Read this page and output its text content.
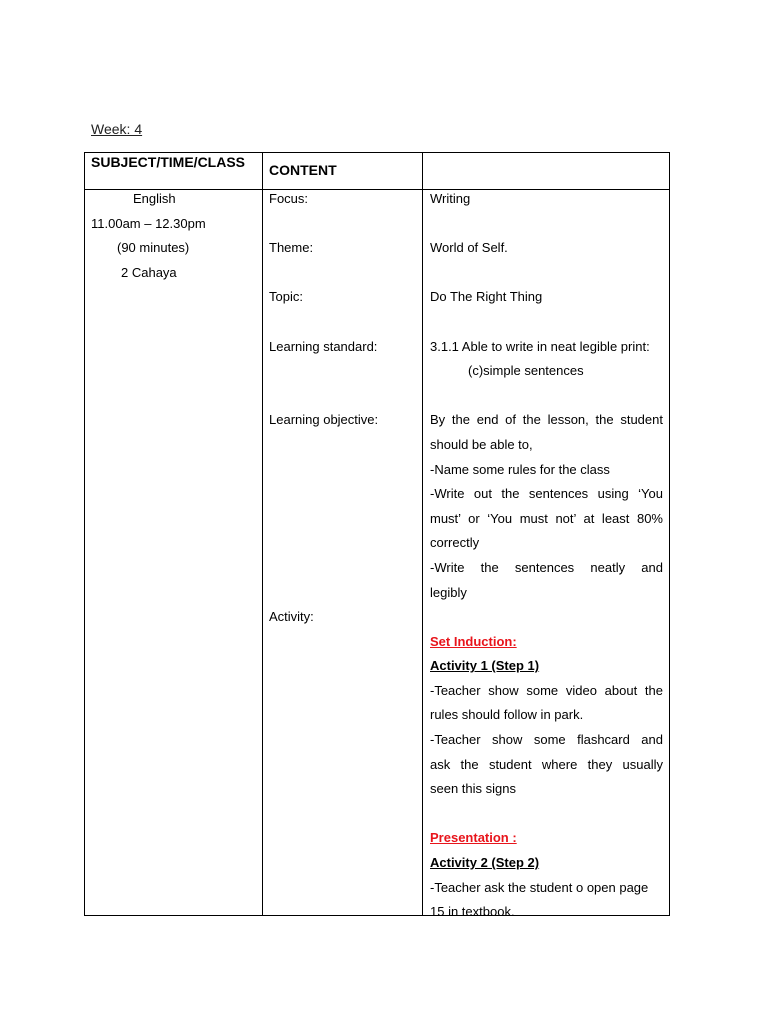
Week: 4
SUBJECT/TIME/CLASS	CONTENT
English
11.00am – 12.30pm
(90 minutes)
2 Cahaya
Focus:
Theme:
Topic:
Learning standard:
Learning objective:
Activity:
Writing
World of Self.
Do The Right Thing
3.1.1 Able to write in neat legible print:
(c)simple sentences
By the end of the lesson, the student
should be able to,
-Name some rules for the class
-Write out the sentences using ‘You
must’ or ‘You must not’ at least 80%
correctly
-Write the sentences neatly and
legibly
Set Induction:
Activity 1 (Step 1)
-Teacher show some video about the
rules should follow in park.
-Teacher show some flashcard and
ask the student where they usually
seen this signs
Presentation :
Activity 2 (Step 2)
-Teacher ask the student o open page
15 in textbook.
